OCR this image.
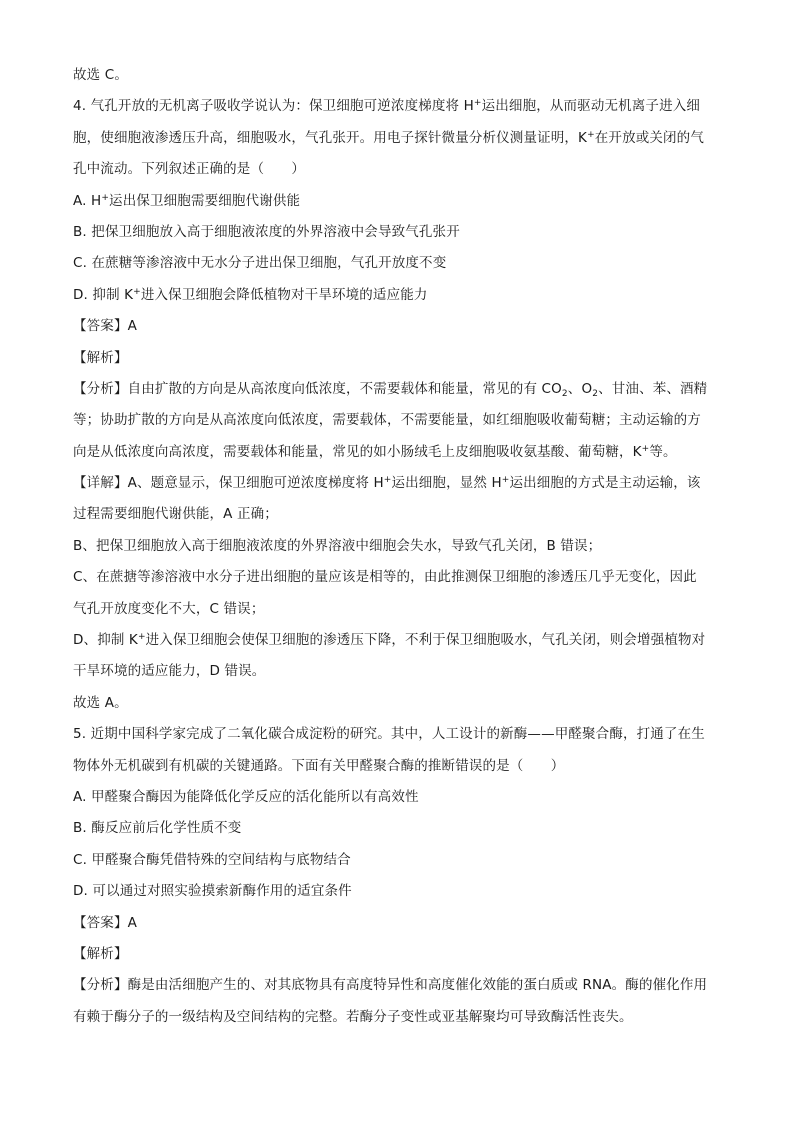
故选 C。
4. 气孔开放的无机离子吸收学说认为：保卫细胞可逆浓度梯度将 H+运出细胞，从而驱动无机离子进入细
胞，使细胞液渗透压升高，细胞吸水，气孔张开。用电子探针微量分析仪测量证明，K+在开放或关闭的气
孔中流动。下列叙述正确的是（　　）
A. H+运出保卫细胞需要细胞代谢供能
B. 把保卫细胞放入高于细胞液浓度的外界溶液中会导致气孔张开
C. 在蔗糖等渗溶液中无水分子进出保卫细胞，气孔开放度不变
D. 抑制 K+进入保卫细胞会降低植物对干旱环境的适应能力
【答案】A
【解析】
【分析】自由扩散的方向是从高浓度向低浓度，不需要载体和能量，常见的有 $CO_2$、$O_2$、甘油、苯、酒精
等；协助扩散的方向是从高浓度向低浓度，需要载体，不需要能量，如红细胞吸收葡萄糖；主动运输的方
向是从低浓度向高浓度，需要载体和能量，常见的如小肠绒毛上皮细胞吸收氨基酸、葡萄糖，K+等。
【详解】A、题意显示，保卫细胞可逆浓度梯度将 H+运出细胞，显然 H+运出细胞的方式是主动运输，该
过程需要细胞代谢供能，A 正确；
B、把保卫细胞放入高于细胞液浓度的外界溶液中细胞会失水，导致气孔关闭，B 错误；
C、在蔗搪等渗溶液中水分子进出细胞的量应该是相等的，由此推测保卫细胞的渗透压几乎无变化，因此
气孔开放度变化不大，C 错误；
D、抑制 K+进入保卫细胞会使保卫细胞的渗透压下降，不利于保卫细胞吸水，气孔关闭，则会增强植物对
干旱环境的适应能力，D 错误。
故选 A。
5. 近期中国科学家完成了二氧化碳合成淀粉的研究。其中，人工设计的新酶——甲醛聚合酶，打通了在生
物体外无机碳到有机碳的关键通路。下面有关甲醛聚合酶的推断错误的是（　　）
A. 甲醛聚合酶因为能降低化学反应的活化能所以有高效性
B. 酶反应前后化学性质不变
C. 甲醛聚合酶凭借特殊的空间结构与底物结合
D. 可以通过对照实验摸索新酶作用的适宜条件
【答案】A
【解析】
【分析】酶是由活细胞产生的、对其底物具有高度特异性和高度催化效能的蛋白质或 RNA。酶的催化作用
有赖于酶分子的一级结构及空间结构的完整。若酶分子变性或亚基解聚均可导致酶活性丧失。
